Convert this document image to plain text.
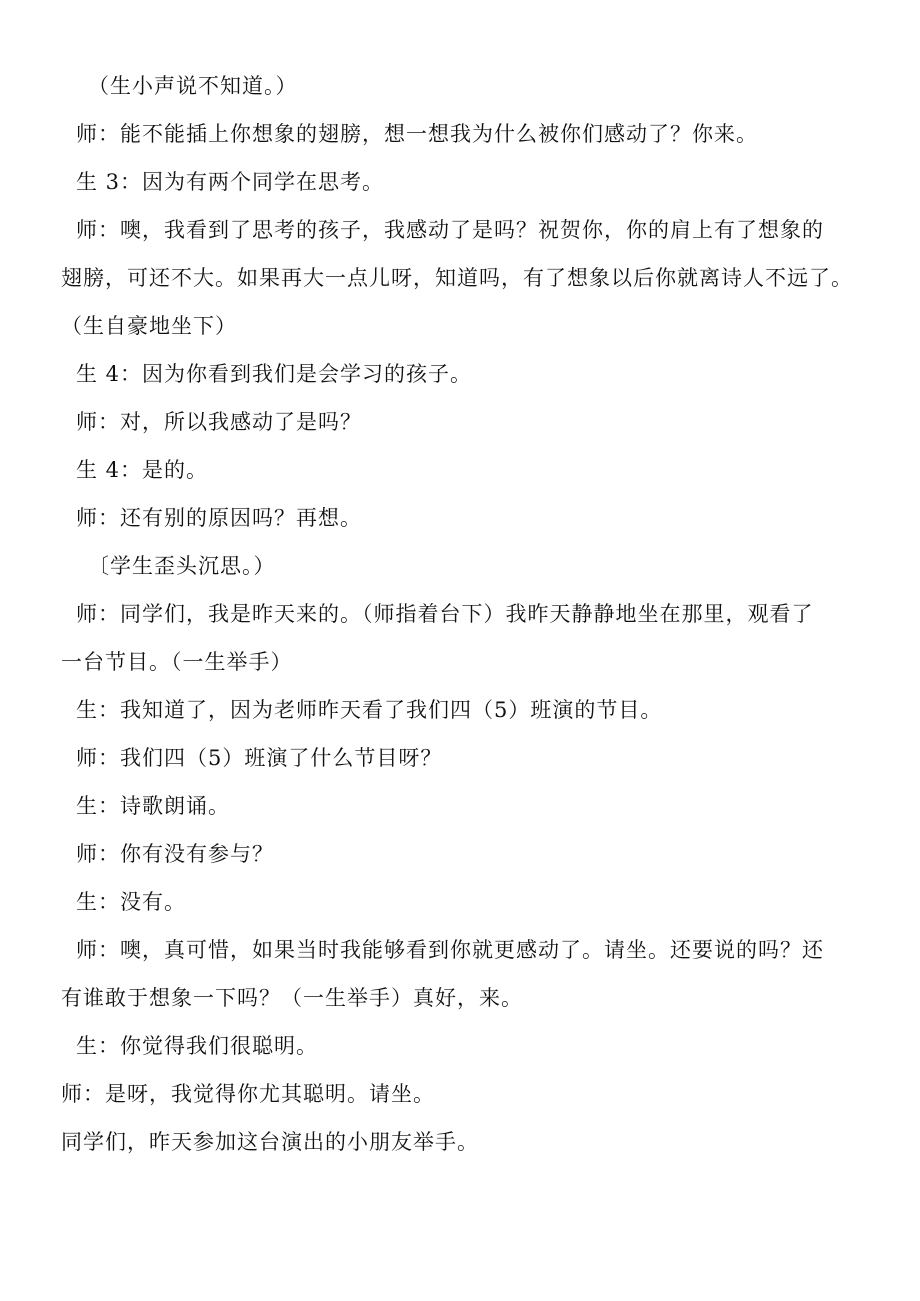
（生小声说不知道。）
师：能不能插上你想象的翅膀，想一想我为什么被你们感动了？你来。
生 3：因为有两个同学在思考。
师：噢，我看到了思考的孩子，我感动了是吗？祝贺你，你的肩上有了想象的
翅膀，可还不大。如果再大一点儿呀，知道吗，有了想象以后你就离诗人不远了。
（生自豪地坐下）
生 4：因为你看到我们是会学习的孩子。
师：对，所以我感动了是吗？
生 4：是的。
师：还有别的原因吗？再想。
〔学生歪头沉思。）
师：同学们，我是昨天来的。（师指着台下）我昨天静静地坐在那里，观看了
一台节目。（一生举手）
生：我知道了，因为老师昨天看了我们四（5）班演的节目。
师：我们四（5）班演了什么节目呀？
生：诗歌朗诵。
师：你有没有参与？
生：没有。
师：噢，真可惜，如果当时我能够看到你就更感动了。请坐。还要说的吗？还
有谁敢于想象一下吗？（一生举手）真好，来。
生：你觉得我们很聪明。
师：是呀，我觉得你尤其聪明。请坐。
同学们，昨天参加这台演出的小朋友举手。
